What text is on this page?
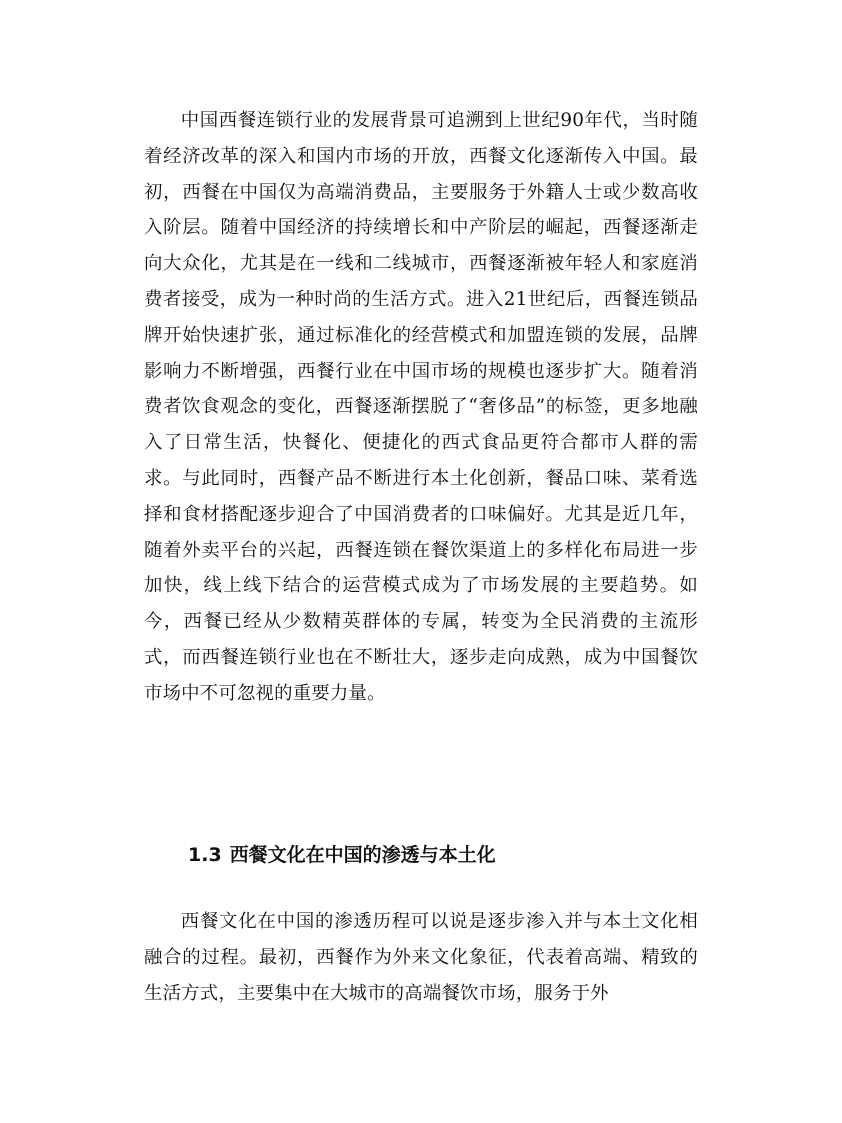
中国西餐连锁行业的发展背景可追溯到上世纪90年代，当时随着经济改革的深入和国内市场的开放，西餐文化逐渐传入中国。最初，西餐在中国仅为高端消费品，主要服务于外籍人士或少数高收入阶层。随着中国经济的持续增长和中产阶层的崛起，西餐逐渐走向大众化，尤其是在一线和二线城市，西餐逐渐被年轻人和家庭消费者接受，成为一种时尚的生活方式。进入21世纪后，西餐连锁品牌开始快速扩张，通过标准化的经营模式和加盟连锁的发展，品牌影响力不断增强，西餐行业在中国市场的规模也逐步扩大。随着消费者饮食观念的变化，西餐逐渐摆脱了“奢侈品”的标签，更多地融入了日常生活，快餐化、便捷化的西式食品更符合都市人群的需求。与此同时，西餐产品不断进行本土化创新，餐品口味、菜肴选择和食材搭配逐步迎合了中国消费者的口味偏好。尤其是近几年，随着外卖平台的兴起，西餐连锁在餐饮渠道上的多样化布局进一步加快，线上线下结合的运营模式成为了市场发展的主要趋势。如今，西餐已经从少数精英群体的专属，转变为全民消费的主流形式，而西餐连锁行业也在不断壮大，逐步走向成熟，成为中国餐饮市场中不可忽视的重要力量。

1.3 西餐文化在中国的渗透与本土化

西餐文化在中国的渗透历程可以说是逐步渗入并与本土文化相融合的过程。最初，西餐作为外来文化象征，代表着高端、精致的生活方式，主要集中在大城市的高端餐饮市场，服务于外
